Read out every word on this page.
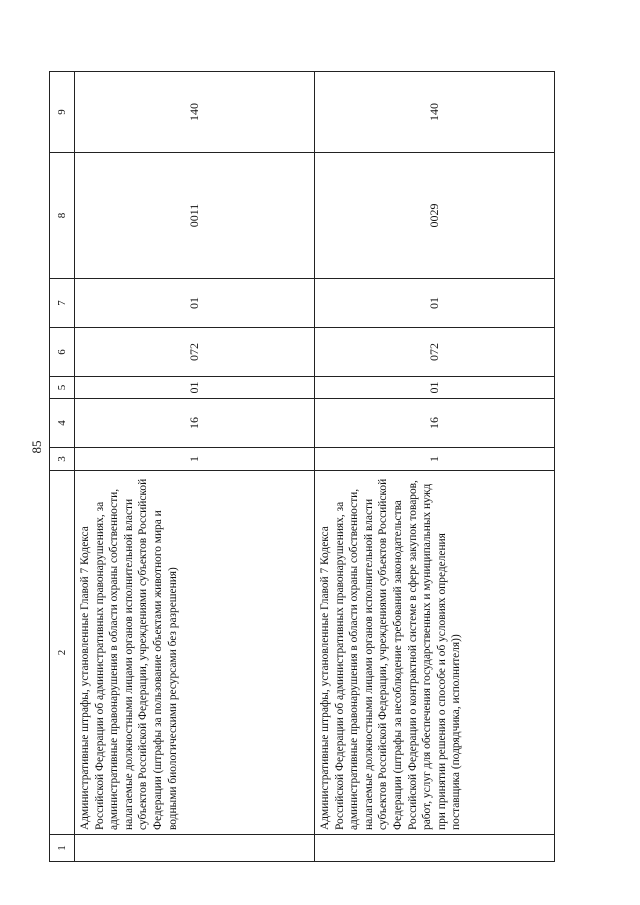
85
1	2	3	4	5	6	7	8	9
	Административные штрафы, установленные Главой 7 Кодекса Российской Федерации об административных правонарушениях, за административные правонарушения в области охраны собственности, налагаемые должностными лицами органов исполнительной власти субъектов Российской Федерации, учреждениями субъектов Российской Федерации (штрафы за пользование объектами животного мира и водными биологическими ресурсами без разрешения)	1	16	01	072	01	0011	140
	Административные штрафы, установленные Главой 7 Кодекса Российской Федерации об административных правонарушениях, за административные правонарушения в области охраны собственности, налагаемые должностными лицами органов исполнительной власти субъектов Российской Федерации, учреждениями субъектов Российской Федерации (штрафы за несоблюдение требований законодательства Российской Федерации о контрактной системе в сфере закупок товаров, работ, услуг для обеспечения государственных и муниципальных нужд при принятии решения о способе и об условиях определения поставщика (подрядчика, исполнителя))	1	16	01	072	01	0029	140
